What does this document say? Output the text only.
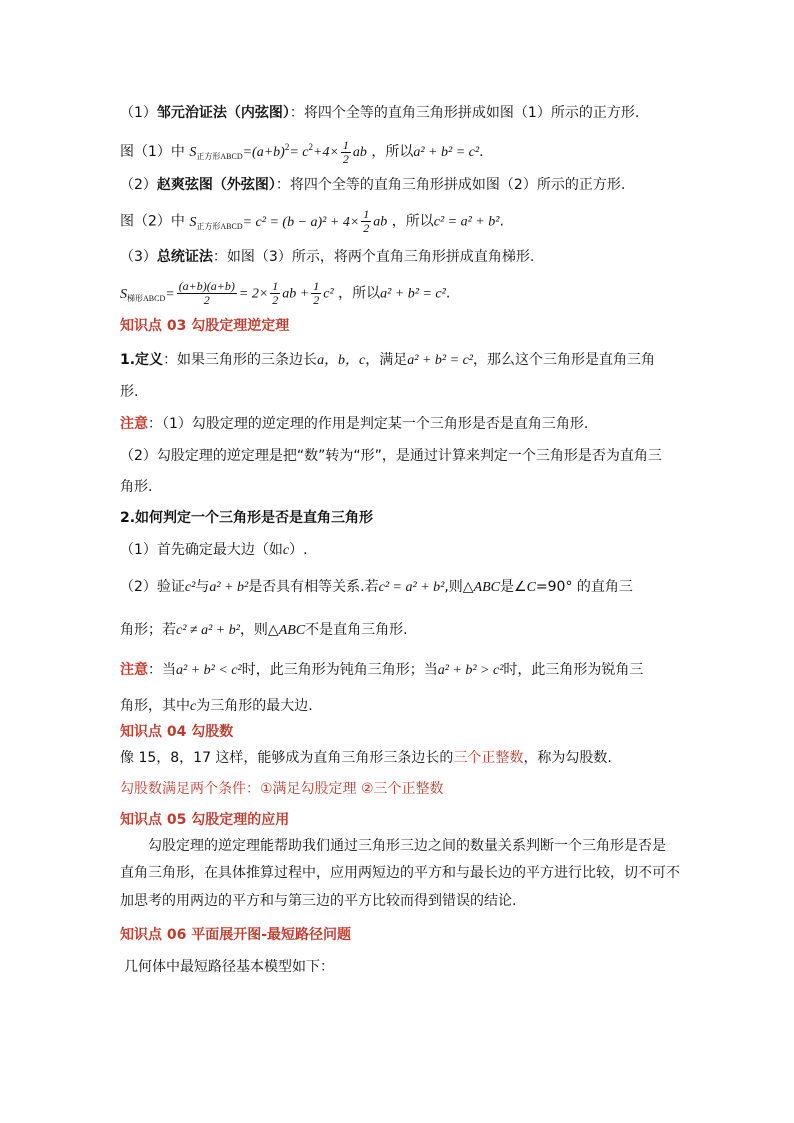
（1）邹元治证法（内弦图）：将四个全等的直角三角形拼成如图（1）所示的正方形.
图（1）中 $S_{正方形ABCD}=(a+b)^2= c^2+4\times \frac{1}{2}$ ab ，所以a² + b² = c².
（2）赵爽弦图（外弦图）：将四个全等的直角三角形拼成如图（2）所示的正方形.
图（2）中 $S_{正方形ABCD}= c^2 = (b - a)^2 + 4\times \frac{1}{2}$ ab ，所以c² = a² + b².
（3）总统证法：如图（3）所示，将两个直角三角形拼成直角梯形.
$S_{梯形ABCD}= \frac{(a+b)(a+b)}{2} = 2\times \frac{1}{2}$ ab + $\frac{1}{2} c^2$ ，所以a² + b² = c².
知识点 03 勾股定理逆定理
1.定义：如果三角形的三条边长a，b，c，满足a² + b² = c²，那么这个三角形是直角三角
形.
注意：（1）勾股定理的逆定理的作用是判定某一个三角形是否是直角三角形.
（2）勾股定理的逆定理是把“数”转为“形”，是通过计算来判定一个三角形是否为直角三
角形.
2.如何判定一个三角形是否是直角三角形
（1）首先确定最大边（如c）.
（2）验证c²与a² + b²是否具有相等关系.若c² = a² + b²,则△ABC是∠C=90° 的直角三
角形；若c² ≠ a² + b²，则△ABC不是直角三角形.
注意：当a² + b² < c²时，此三角形为钝角三角形；当a² + b² > c²时，此三角形为锐角三
角形，其中c为三角形的最大边.
知识点 04 勾股数
像 15，8，17 这样，能够成为直角三角形三条边长的三个正整数，称为勾股数.
勾股数满足两个条件：①满足勾股定理 ②三个正整数
知识点 05 勾股定理的应用
勾股定理的逆定理能帮助我们通过三角形三边之间的数量关系判断一个三角形是否是
直角三角形，在具体推算过程中，应用两短边的平方和与最长边的平方进行比较，切不可不
加思考的用两边的平方和与第三边的平方比较而得到错误的结论.
知识点 06 平面展开图-最短路径问题
几何体中最短路径基本模型如下：
